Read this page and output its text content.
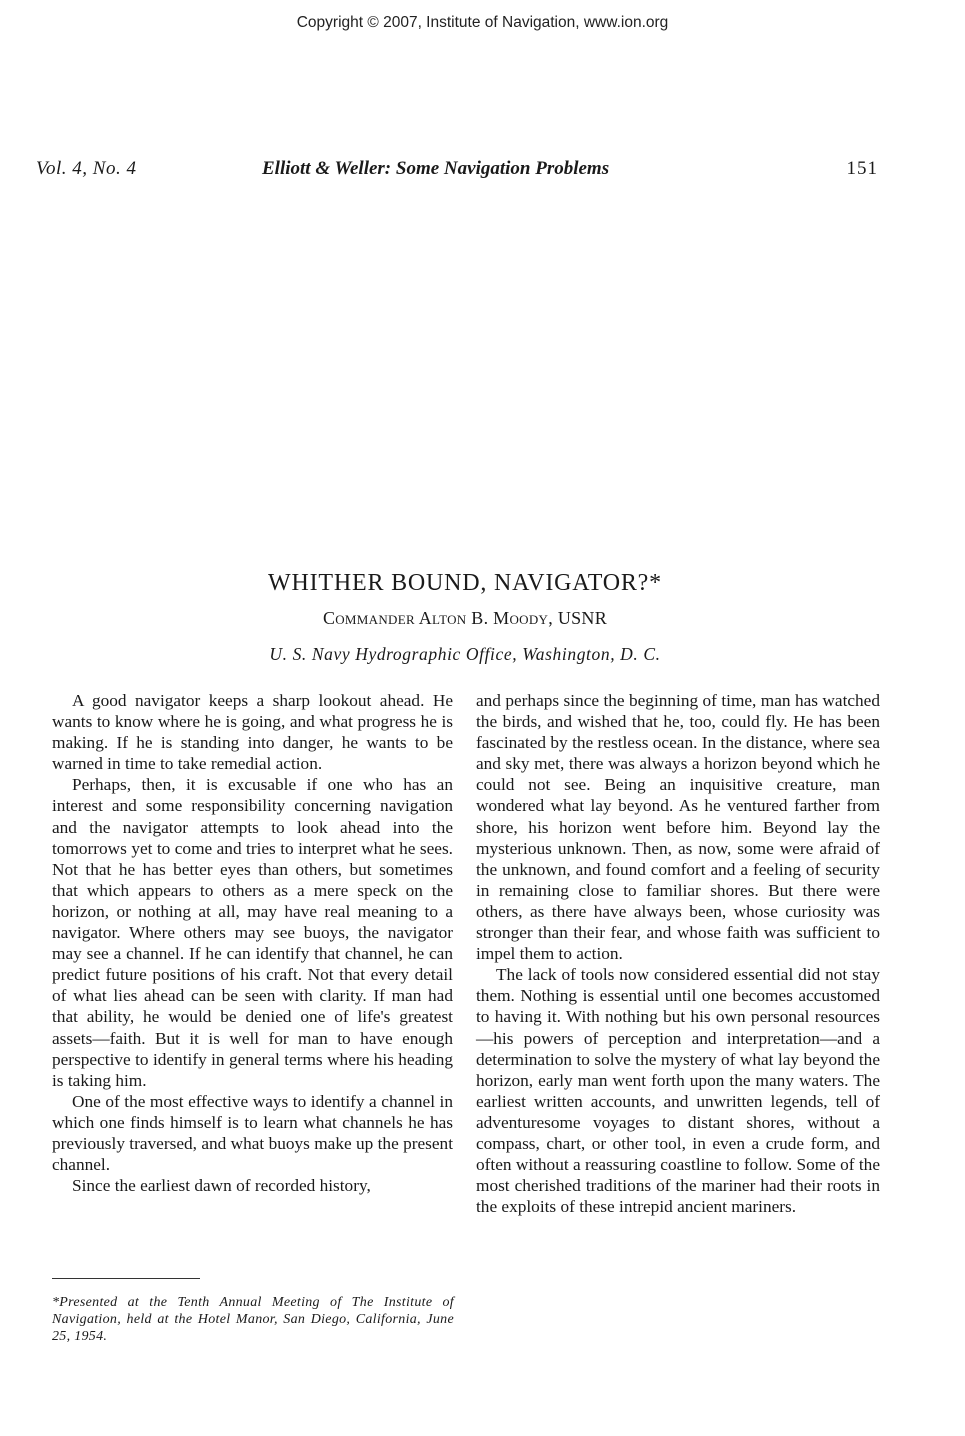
Copyright © 2007, Institute of Navigation, www.ion.org
Vol. 4, No. 4	Elliott & Weller: Some Navigation Problems	151
WHITHER BOUND, NAVIGATOR?*
Commander Alton B. Moody, USNR
U. S. Navy Hydrographic Office, Washington, D. C.

A good navigator keeps a sharp lookout ahead. He wants to know where he is going, and what progress he is making. If he is standing into danger, he wants to be warned in time to take remedial action.

Perhaps, then, it is excusable if one who has an interest and some responsibility concerning navigation and the navigator attempts to look ahead into the tomorrows yet to come and tries to interpret what he sees. Not that he has better eyes than others, but sometimes that which appears to others as a mere speck on the horizon, or nothing at all, may have real meaning to a navigator. Where others may see buoys, the navigator may see a channel. If he can identify that channel, he can predict future positions of his craft. Not that every detail of what lies ahead can be seen with clarity. If man had that ability, he would be denied one of life's greatest assets—faith. But it is well for man to have enough perspective to identify in general terms where his heading is taking him.

One of the most effective ways to identify a channel in which one finds himself is to learn what channels he has previously traversed, and what buoys make up the present channel.

Since the earliest dawn of recorded history,

and perhaps since the beginning of time, man has watched the birds, and wished that he, too, could fly. He has been fascinated by the restless ocean. In the distance, where sea and sky met, there was always a horizon beyond which he could not see. Being an inquisitive creature, man wondered what lay beyond. As he ventured farther from shore, his horizon went before him. Beyond lay the mysterious unknown. Then, as now, some were afraid of the unknown, and found comfort and a feeling of security in remaining close to familiar shores. But there were others, as there have always been, whose curiosity was stronger than their fear, and whose faith was sufficient to impel them to action.

The lack of tools now considered essential did not stay them. Nothing is essential until one becomes accustomed to having it. With nothing but his own personal resources—his powers of perception and interpretation—and a determination to solve the mystery of what lay beyond the horizon, early man went forth upon the many waters. The earliest written accounts, and unwritten legends, tell of adventuresome voyages to distant shores, without a compass, chart, or other tool, in even a crude form, and often without a reassuring coastline to follow. Some of the most cherished traditions of the mariner had their roots in the exploits of these intrepid ancient mariners.

*Presented at the Tenth Annual Meeting of The Institute of Navigation, held at the Hotel Manor, San Diego, California, June 25, 1954.
